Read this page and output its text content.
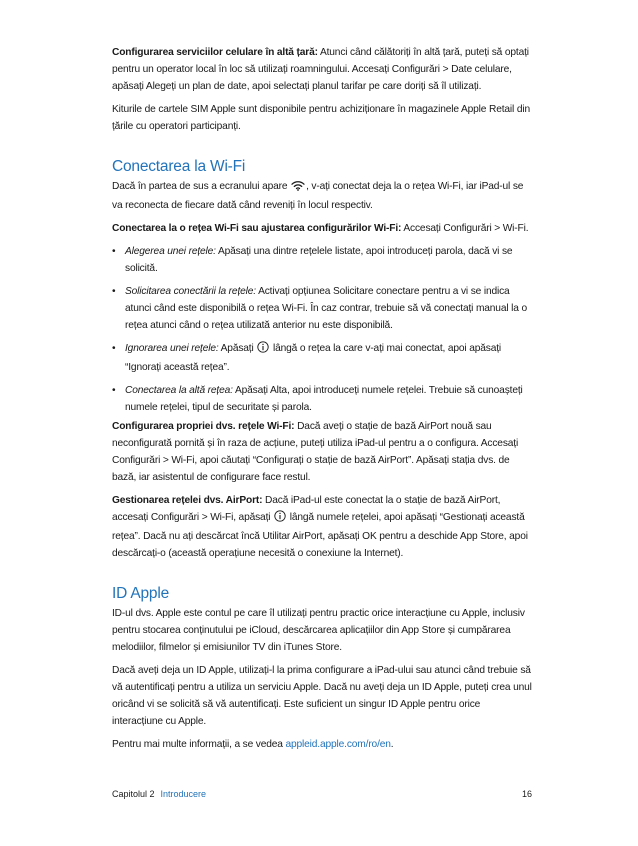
Configurarea serviciilor celulare în altă țară: Atunci când călătoriți în altă țară, puteți să optați pentru un operator local în loc să utilizați roamningului. Accesați Configurări > Date celulare, apăsați Alegeți un plan de date, apoi selectați planul tarifar pe care doriți să îl utilizați.

Kiturile de cartele SIM Apple sunt disponibile pentru achiziționare în magazinele Apple Retail din țările cu operatori participanți.

Conectarea la Wi-Fi

Dacă în partea de sus a ecranului apare , v-ați conectat deja la o rețea Wi-Fi, iar iPad-ul se va reconecta de fiecare dată când reveniți în locul respectiv.

Conectarea la o rețea Wi-Fi sau ajustarea configurărilor Wi-Fi: Accesați Configurări > Wi-Fi.

• Alegerea unei rețele: Apăsați una dintre rețelele listate, apoi introduceți parola, dacă vi se solicită.
• Solicitarea conectării la rețele: Activați opțiunea Solicitare conectare pentru a vi se indica atunci când este disponibilă o rețea Wi-Fi. În caz contrar, trebuie să vă conectați manual la o rețea atunci când o rețea utilizată anterior nu este disponibilă.
• Ignorarea unei rețele: Apăsați  lângă o rețea la care v-ați mai conectat, apoi apăsați “Ignorați această rețea”.
• Conectarea la altă rețea: Apăsați Alta, apoi introduceți numele rețelei. Trebuie să cunoașteți numele rețelei, tipul de securitate și parola.

Configurarea propriei dvs. rețele Wi-Fi: Dacă aveți o stație de bază AirPort nouă sau neconfigurată pornită și în raza de acțiune, puteți utiliza iPad-ul pentru a o configura. Accesați Configurări > Wi-Fi, apoi căutați “Configurați o stație de bază AirPort”. Apăsați stația dvs. de bază, iar asistentul de configurare face restul.

Gestionarea rețelei dvs. AirPort: Dacă iPad-ul este conectat la o stație de bază AirPort, accesați Configurări > Wi-Fi, apăsați  lângă numele rețelei, apoi apăsați “Gestionați această rețea”. Dacă nu ați descărcat încă Utilitar AirPort, apăsați OK pentru a deschide App Store, apoi descărcați-o (această operațiune necesită o conexiune la Internet).

ID Apple

ID-ul dvs. Apple este contul pe care îl utilizați pentru practic orice interacțiune cu Apple, inclusiv pentru stocarea conținutului pe iCloud, descărcarea aplicațiilor din App Store și cumpărarea melodiilor, filmelor și emisiunilor TV din iTunes Store.

Dacă aveți deja un ID Apple, utilizați-l la prima configurare a iPad-ului sau atunci când trebuie să vă autentificați pentru a utiliza un serviciu Apple. Dacă nu aveți deja un ID Apple, puteți crea unul oricând vi se solicită să vă autentificați. Este suficient un singur ID Apple pentru orice interacțiune cu Apple.

Pentru mai multe informații, a se vedea appleid.apple.com/ro/en.

Capitolul 2 Introducere	16
